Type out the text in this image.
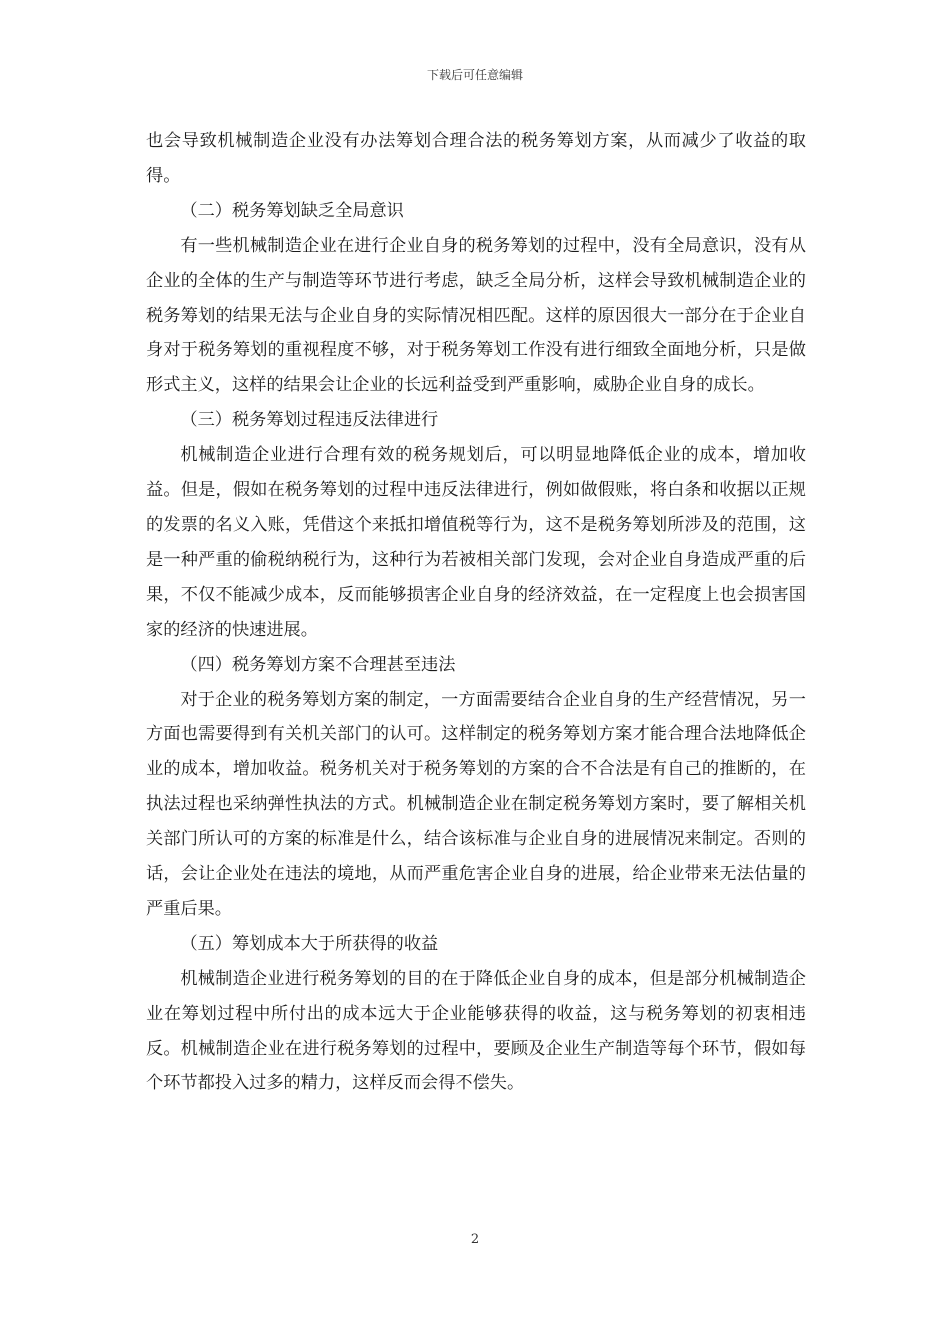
下载后可任意编辑

也会导致机械制造企业没有办法筹划合理合法的税务筹划方案，从而减少了收益的取得。

（二）税务筹划缺乏全局意识

有一些机械制造企业在进行企业自身的税务筹划的过程中，没有全局意识，没有从企业的全体的生产与制造等环节进行考虑，缺乏全局分析，这样会导致机械制造企业的税务筹划的结果无法与企业自身的实际情况相匹配。这样的原因很大一部分在于企业自身对于税务筹划的重视程度不够，对于税务筹划工作没有进行细致全面地分析，只是做形式主义，这样的结果会让企业的长远利益受到严重影响，威胁企业自身的成长。

（三）税务筹划过程违反法律进行

机械制造企业进行合理有效的税务规划后，可以明显地降低企业的成本，增加收益。但是，假如在税务筹划的过程中违反法律进行，例如做假账，将白条和收据以正规的发票的名义入账，凭借这个来抵扣增值税等行为，这不是税务筹划所涉及的范围，这是一种严重的偷税纳税行为，这种行为若被相关部门发现，会对企业自身造成严重的后果，不仅不能减少成本，反而能够损害企业自身的经济效益，在一定程度上也会损害国家的经济的快速进展。

（四）税务筹划方案不合理甚至违法

对于企业的税务筹划方案的制定，一方面需要结合企业自身的生产经营情况，另一方面也需要得到有关机关部门的认可。这样制定的税务筹划方案才能合理合法地降低企业的成本，增加收益。税务机关对于税务筹划的方案的合不合法是有自己的推断的，在执法过程也采纳弹性执法的方式。机械制造企业在制定税务筹划方案时，要了解相关机关部门所认可的方案的标准是什么，结合该标准与企业自身的进展情况来制定。否则的话，会让企业处在违法的境地，从而严重危害企业自身的进展，给企业带来无法估量的严重后果。

（五）筹划成本大于所获得的收益

机械制造企业进行税务筹划的目的在于降低企业自身的成本，但是部分机械制造企业在筹划过程中所付出的成本远大于企业能够获得的收益，这与税务筹划的初衷相违反。机械制造企业在进行税务筹划的过程中，要顾及企业生产制造等每个环节，假如每个环节都投入过多的精力，这样反而会得不偿失。

2
